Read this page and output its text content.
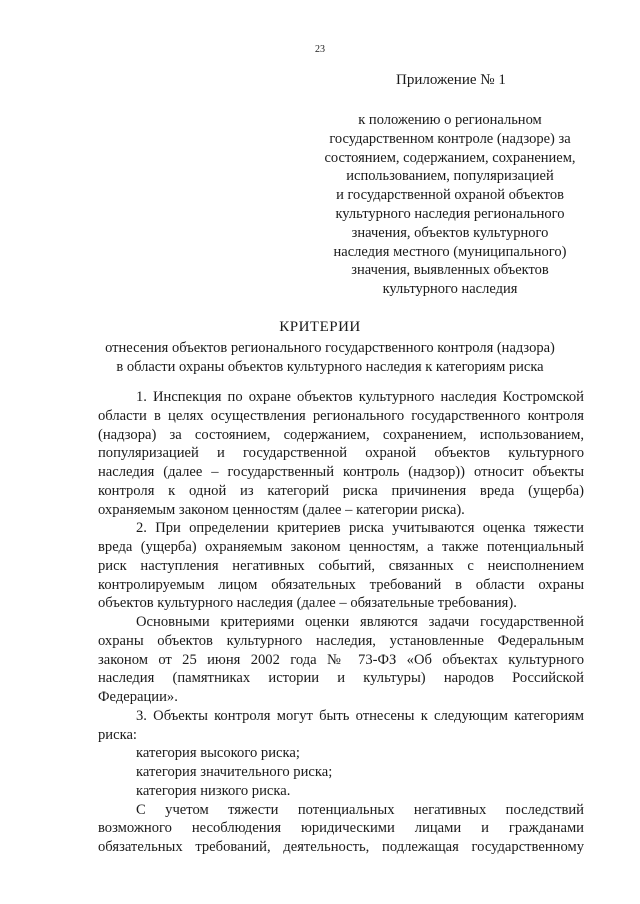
23
Приложение № 1
к положению о региональном
государственном контроле (надзоре) за
состоянием, содержанием, сохранением,
использованием, популяризацией
и государственной охраной объектов
культурного наследия регионального
значения, объектов культурного
наследия местного (муниципального)
значения, выявленных объектов
культурного наследия
КРИТЕРИИ
отнесения объектов регионального государственного контроля (надзора)
в области охраны объектов культурного наследия к категориям риска

1. Инспекция по охране объектов культурного наследия Костромской
области в целях осуществления регионального государственного контроля
(надзора) за состоянием, содержанием, сохранением, использованием,
популяризацией и государственной охраной объектов культурного
наследия (далее – государственный контроль (надзор)) относит объекты
контроля к одной из категорий риска причинения вреда (ущерба)
охраняемым законом ценностям (далее – категории риска).

2. При определении критериев риска учитываются оценка тяжести
вреда (ущерба) охраняемым законом ценностям, а также потенциальный
риск наступления негативных событий, связанных с неисполнением
контролируемым лицом обязательных требований в области охраны
объектов культурного наследия (далее – обязательные требования).

Основными критериями оценки являются задачи государственной
охраны объектов культурного наследия, установленные Федеральным
законом от 25 июня 2002 года № 73-ФЗ «Об объектах культурного
наследия (памятниках истории и культуры) народов Российской
Федерации».

3. Объекты контроля могут быть отнесены к следующим категориям
риска:

категория высокого риска;
категория значительного риска;
категория низкого риска.

С учетом тяжести потенциальных негативных последствий
возможного несоблюдения юридическими лицами и гражданами
обязательных требований, деятельность, подлежащая государственному
